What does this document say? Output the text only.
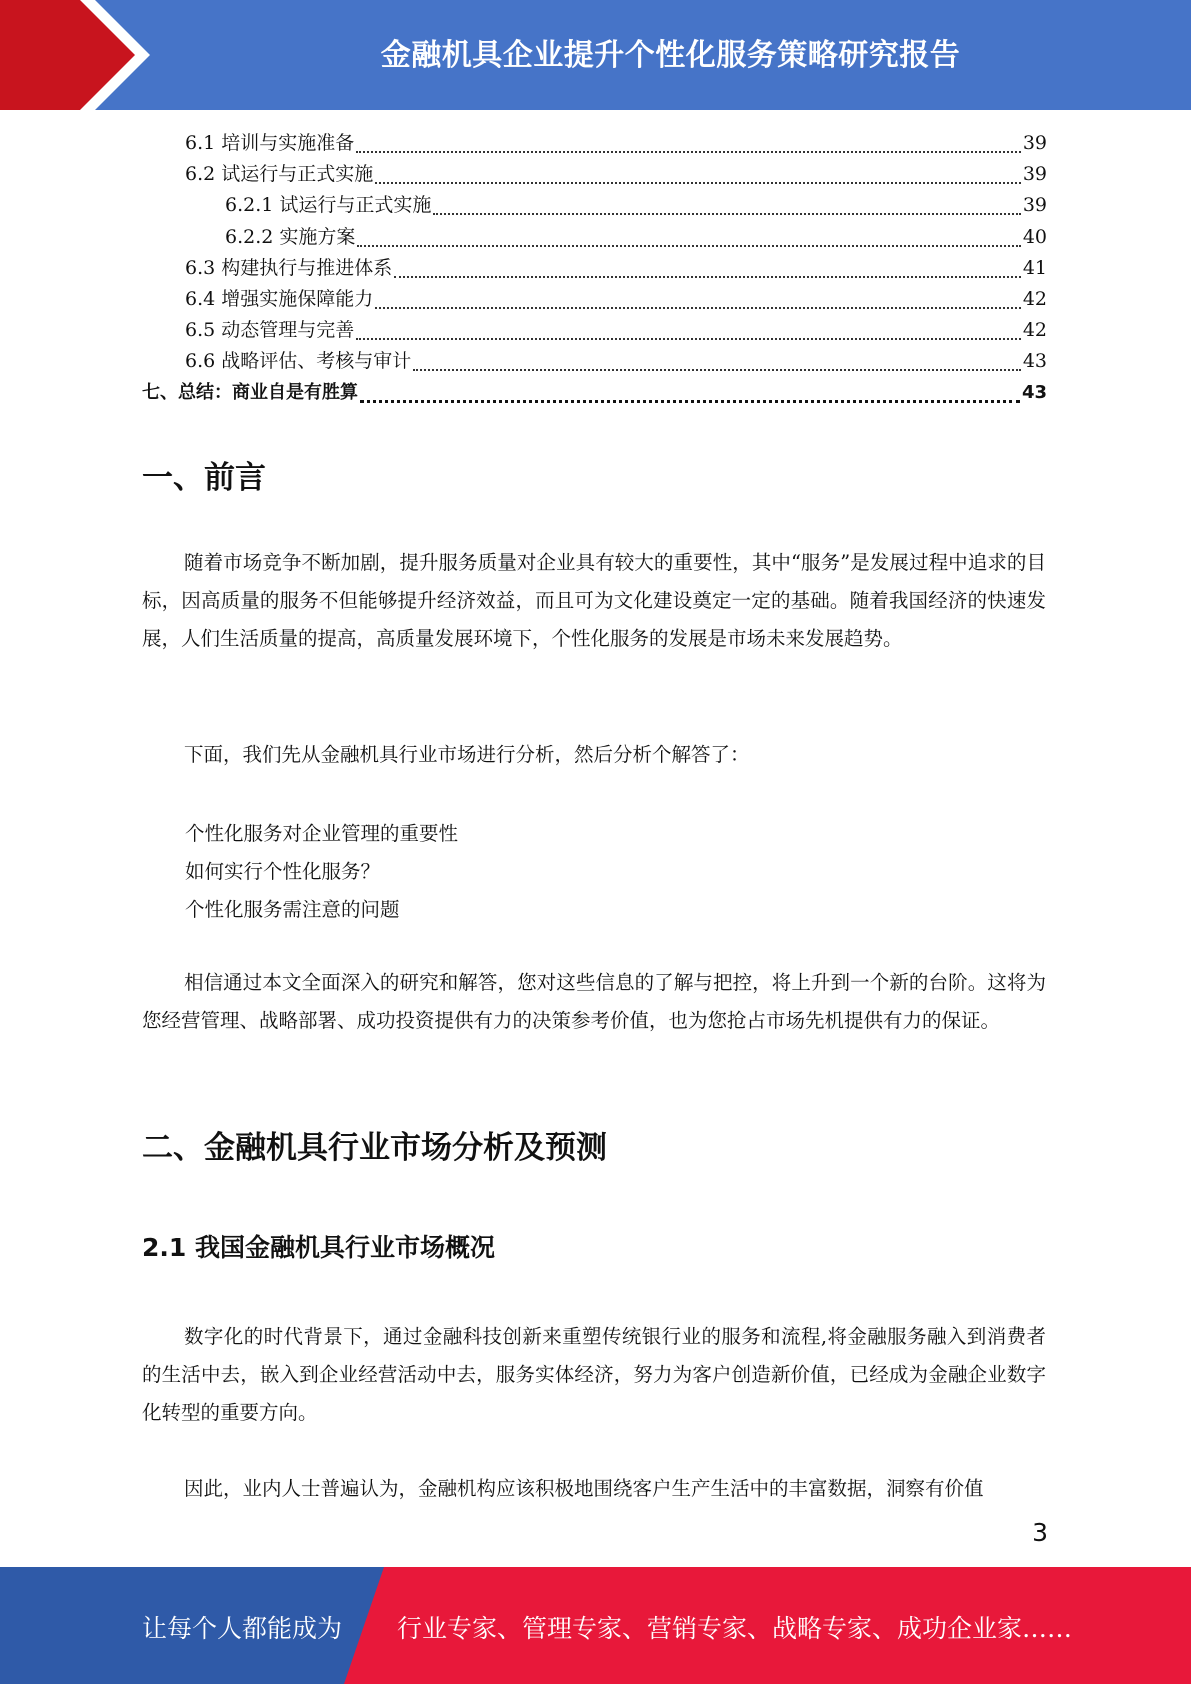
金融机具企业提升个性化服务策略研究报告
6.1 培训与实施准备	39
6.2 试运行与正式实施	39
6.2.1 试运行与正式实施	39
6.2.2 实施方案	40
6.3 构建执行与推进体系	41
6.4 增强实施保障能力	42
6.5 动态管理与完善	42
6.6 战略评估、考核与审计	43
七、总结：商业自是有胜算	43
一、前言

随着市场竞争不断加剧，提升服务质量对企业具有较大的重要性，其中“服务”是发展过程中追求的目标，因高质量的服务不但能够提升经济效益，而且可为文化建设奠定一定的基础。随着我国经济的快速发展，人们生活质量的提高，高质量发展环境下，个性化服务的发展是市场未来发展趋势。

下面，我们先从金融机具行业市场进行分析，然后分析个解答了：

个性化服务对企业管理的重要性

如何实行个性化服务？

个性化服务需注意的问题

相信通过本文全面深入的研究和解答，您对这些信息的了解与把控，将上升到一个新的台阶。这将为您经营管理、战略部署、成功投资提供有力的决策参考价值，也为您抢占市场先机提供有力的保证。

二、金融机具行业市场分析及预测
2.1 我国金融机具行业市场概况

数字化的时代背景下，通过金融科技创新来重塑传统银行业的服务和流程,将金融服务融入到消费者的生活中去，嵌入到企业经营活动中去，服务实体经济，努力为客户创造新价值，已经成为金融企业数字化转型的重要方向。

因此，业内人士普遍认为，金融机构应该积极地围绕客户生产生活中的丰富数据，洞察有价值

3
让每个人都能成为 行业专家、管理专家、营销专家、战略专家、成功企业家……
